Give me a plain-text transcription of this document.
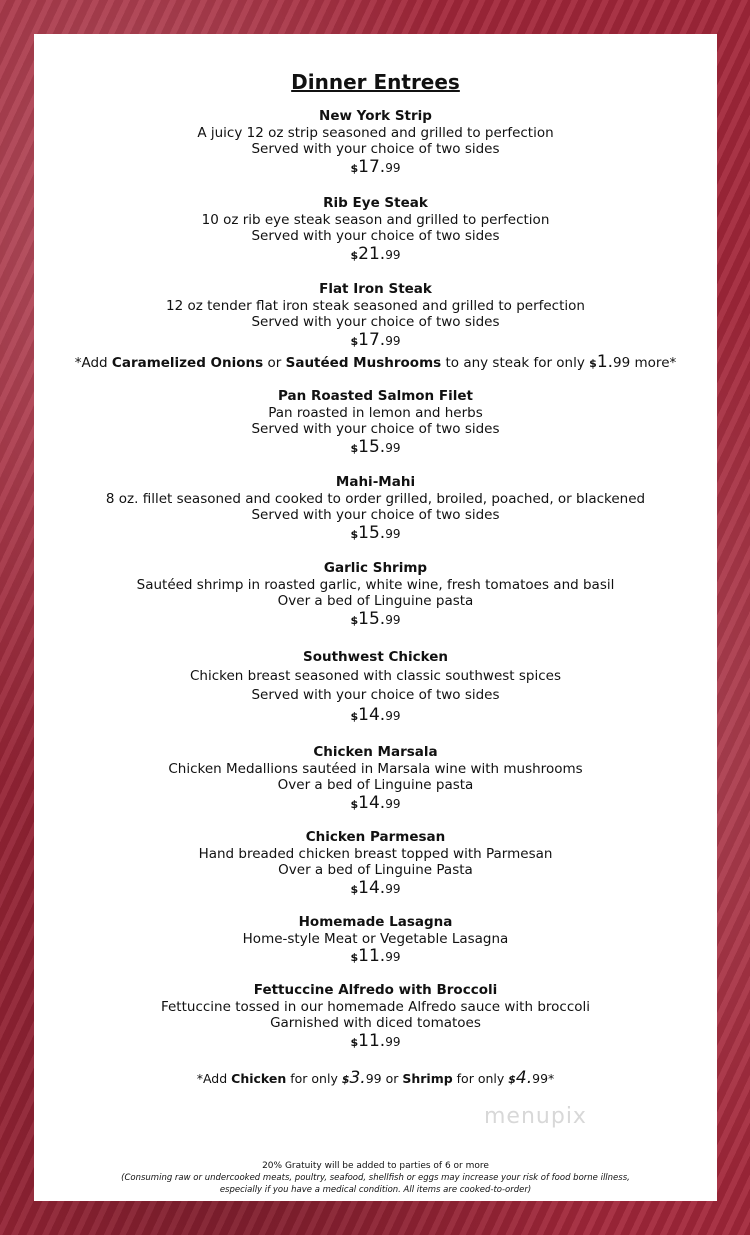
Dinner Entrees
New York Strip
A juicy 12 oz strip seasoned and grilled to perfection
Served with your choice of two sides
$17.99
Rib Eye Steak
10 oz rib eye steak season and grilled to perfection
Served with your choice of two sides
$21.99
Flat Iron Steak
12 oz tender flat iron steak seasoned and grilled to perfection
Served with your choice of two sides
$17.99
*Add Caramelized Onions or Sautéed Mushrooms to any steak for only $1.99 more*
Pan Roasted Salmon Filet
Pan roasted in lemon and herbs
Served with your choice of two sides
$15.99
Mahi-Mahi
8 oz. fillet seasoned and cooked to order grilled, broiled, poached, or blackened
Served with your choice of two sides
$15.99
Garlic Shrimp
Sautéed shrimp in roasted garlic, white wine, fresh tomatoes and basil
Over a bed of Linguine pasta
$15.99
Southwest Chicken
Chicken breast seasoned with classic southwest spices
Served with your choice of two sides
$14.99
Chicken Marsala
Chicken Medallions sautéed in Marsala wine with mushrooms
Over a bed of Linguine pasta
$14.99
Chicken Parmesan
Hand breaded chicken breast topped with Parmesan
Over a bed of Linguine Pasta
$14.99
Homemade Lasagna
Home-style Meat or Vegetable Lasagna
$11.99
Fettuccine Alfredo with Broccoli
Fettuccine tossed in our homemade Alfredo sauce with broccoli
Garnished with diced tomatoes
$11.99
*Add Chicken for only $3.99 or Shrimp for only $4.99*
20% Gratuity will be added to parties of 6 or more
(Consuming raw or undercooked meats, poultry, seafood, shellfish or eggs may increase your risk of food borne illness,
especially if you have a medical condition. All items are cooked-to-order)
menupix
